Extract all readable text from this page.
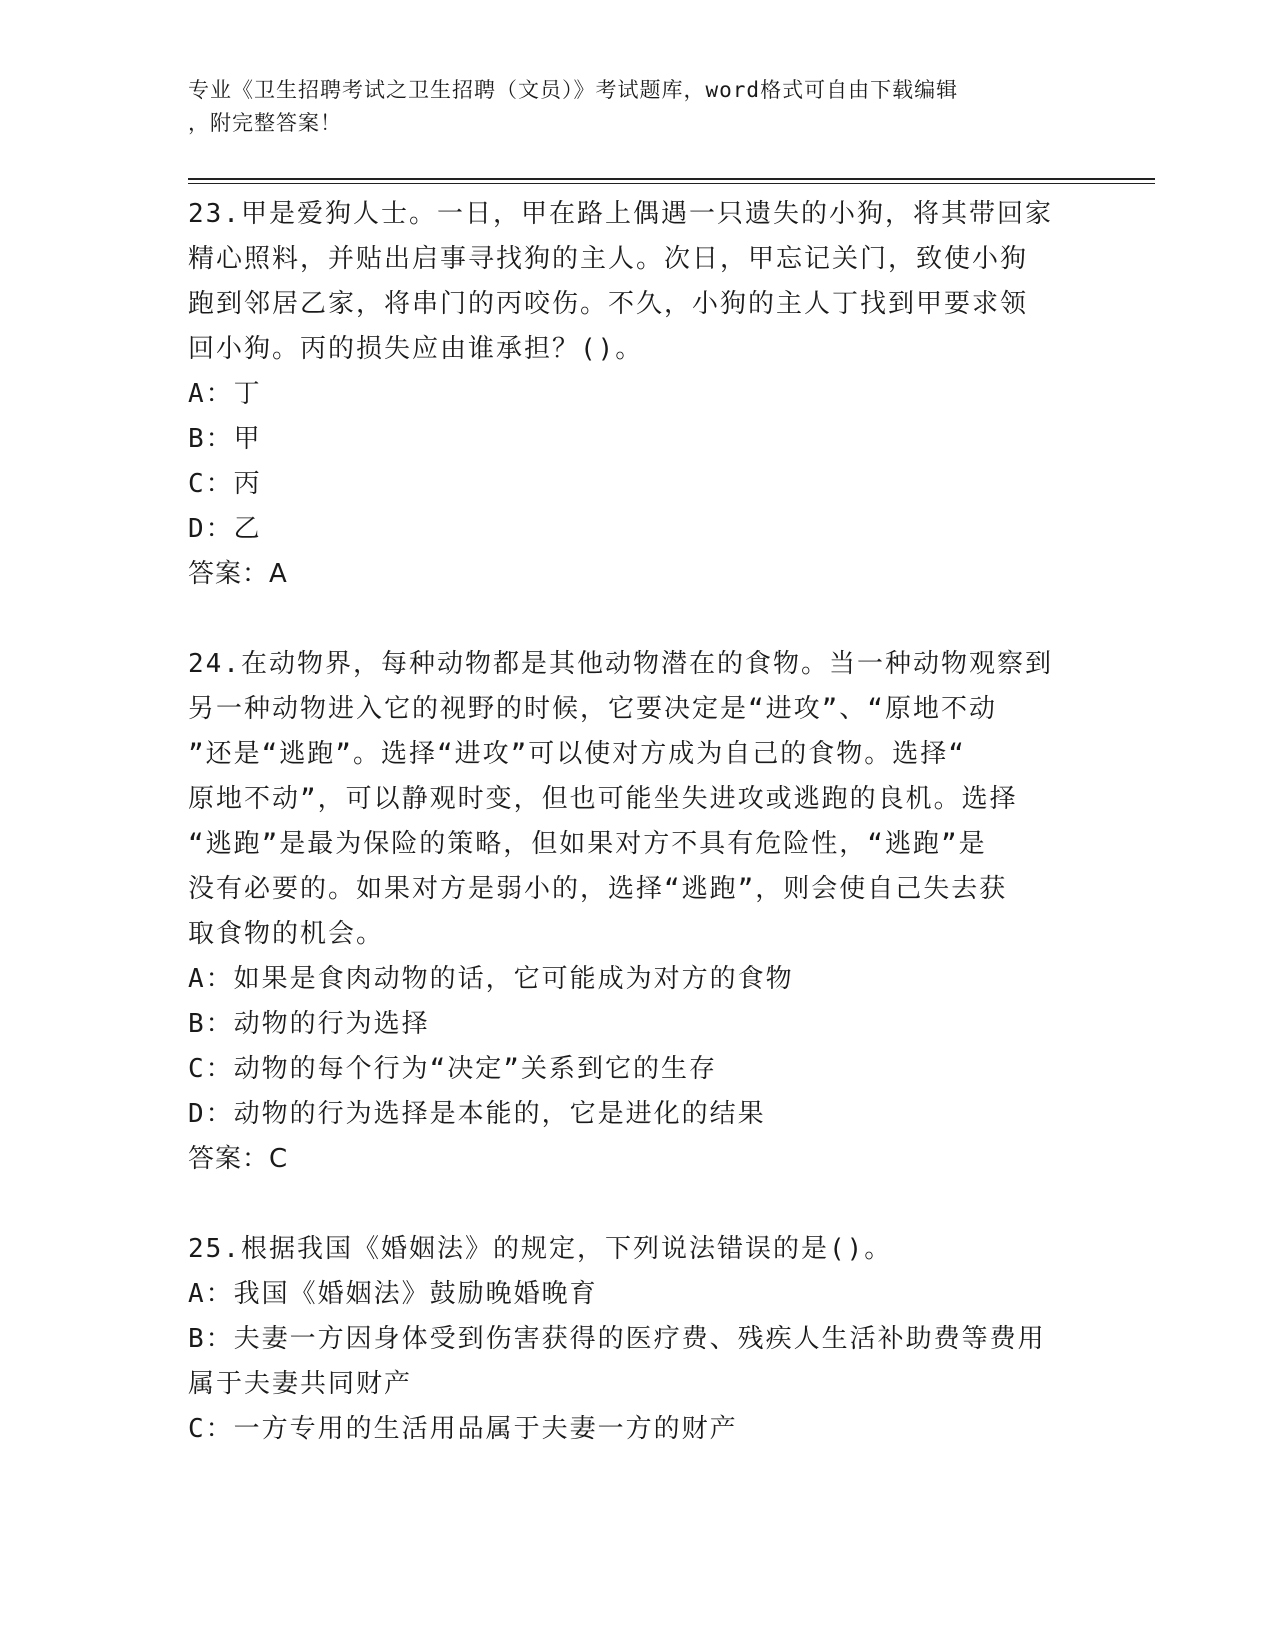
专业《卫生招聘考试之卫生招聘（文员）》考试题库，word格式可自由下载编辑
，附完整答案！

23.甲是爱狗人士。一日，甲在路上偶遇一只遗失的小狗，将其带回家

精心照料，并贴出启事寻找狗的主人。次日，甲忘记关门，致使小狗

跑到邻居乙家，将串门的丙咬伤。不久，小狗的主人丁找到甲要求领

回小狗。丙的损失应由谁承担？()。

A：丁

B：甲

C：丙

D：乙

答案：A

24.在动物界，每种动物都是其他动物潜在的食物。当一种动物观察到

另一种动物进入它的视野的时候，它要决定是“进攻”、“原地不动

”还是“逃跑”。选择“进攻”可以使对方成为自己的食物。选择“

原地不动”，可以静观时变，但也可能坐失进攻或逃跑的良机。选择

“逃跑”是最为保险的策略，但如果对方不具有危险性，“逃跑”是

没有必要的。如果对方是弱小的，选择“逃跑”，则会使自己失去获

取食物的机会。

A：如果是食肉动物的话，它可能成为对方的食物

B：动物的行为选择

C：动物的每个行为“决定”关系到它的生存

D：动物的行为选择是本能的，它是进化的结果

答案：C

25.根据我国《婚姻法》的规定，下列说法错误的是()。

A：我国《婚姻法》鼓励晚婚晚育

B：夫妻一方因身体受到伤害获得的医疗费、残疾人生活补助费等费用

属于夫妻共同财产

C：一方专用的生活用品属于夫妻一方的财产
